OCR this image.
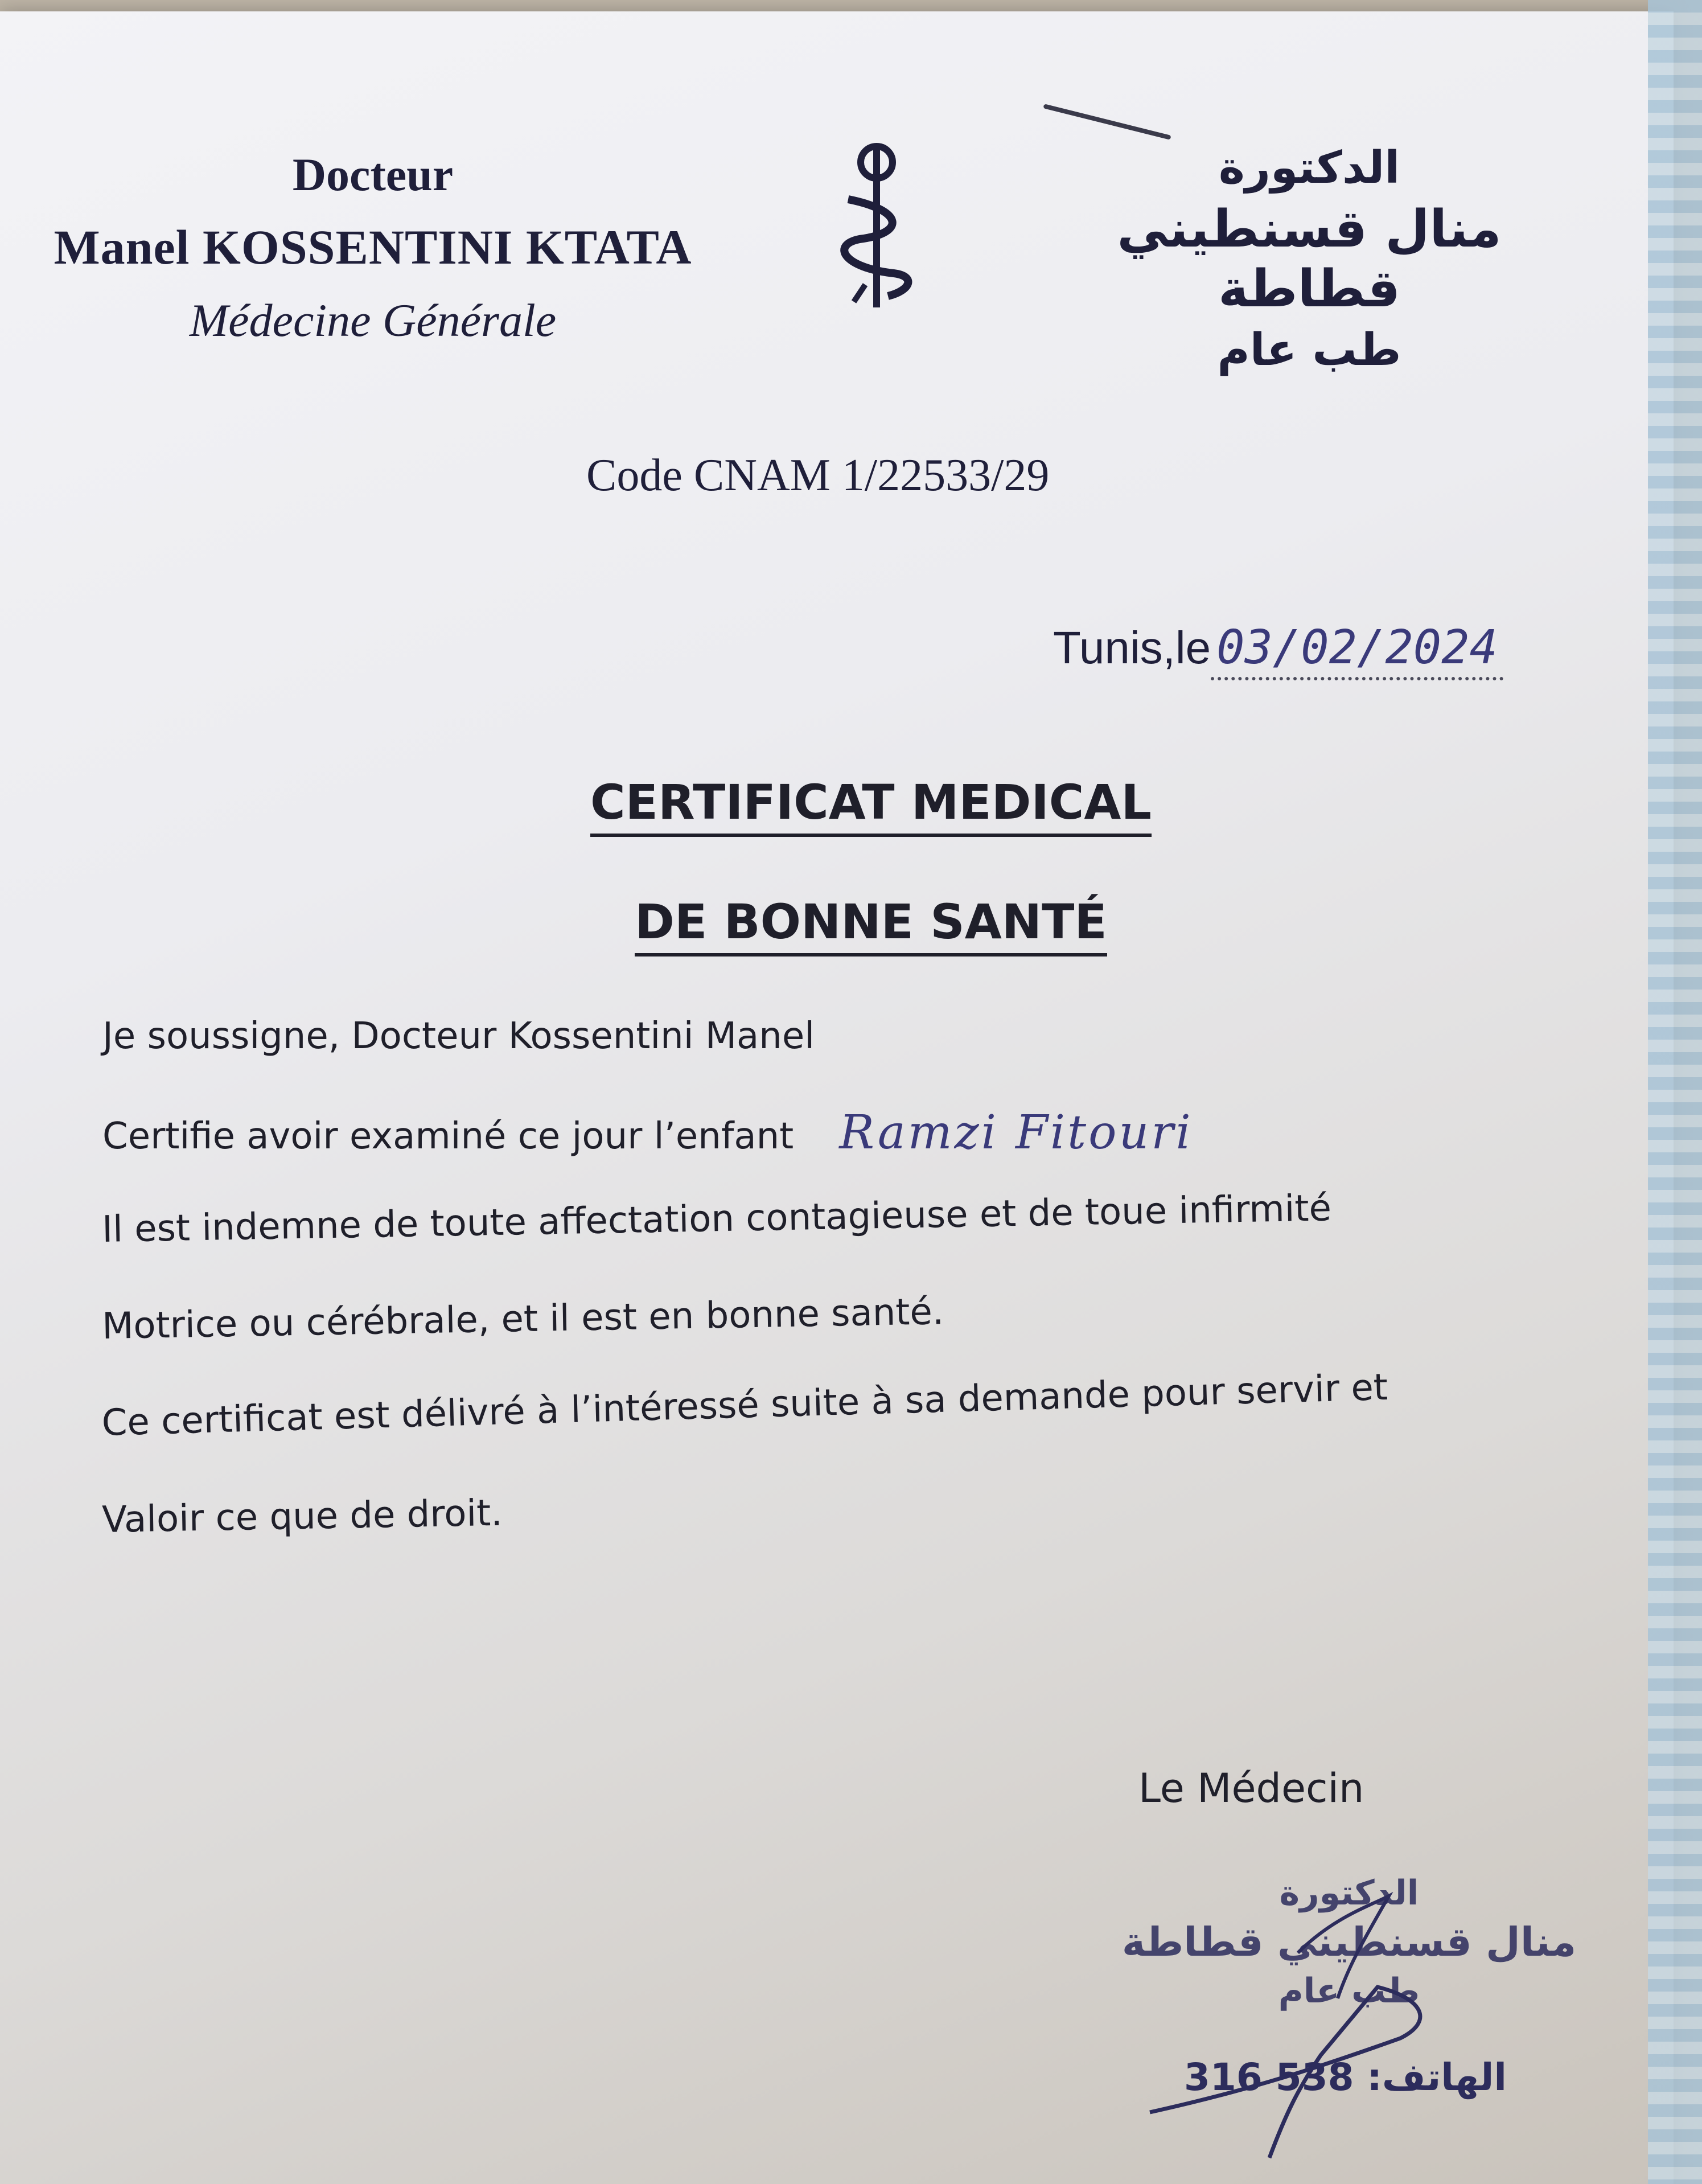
Docteur
Manel KOSSENTINI KTATA
Médecine Générale
الدكتورة
منال قسنطيني قطاطة
طب عام
Code CNAM 1/22533/29
Tunis,le 03/02/2024
CERTIFICAT MEDICAL
DE BONNE SANTÉ
Je soussigne, Docteur Kossentini Manel
Certifie avoir examiné ce jour l’enfant Ramzi Fitouri
Il est indemne de toute affectation contagieuse et de toue infirmité
Motrice ou cérébrale, et il est en bonne santé.
Ce certificat est délivré à l’intéressé suite à sa demande pour servir et
Valoir ce que de droit.
Le Médecin
الدكتورة
منال قسنطيني قطاطة
طب عام
الهاتف: 538 316
